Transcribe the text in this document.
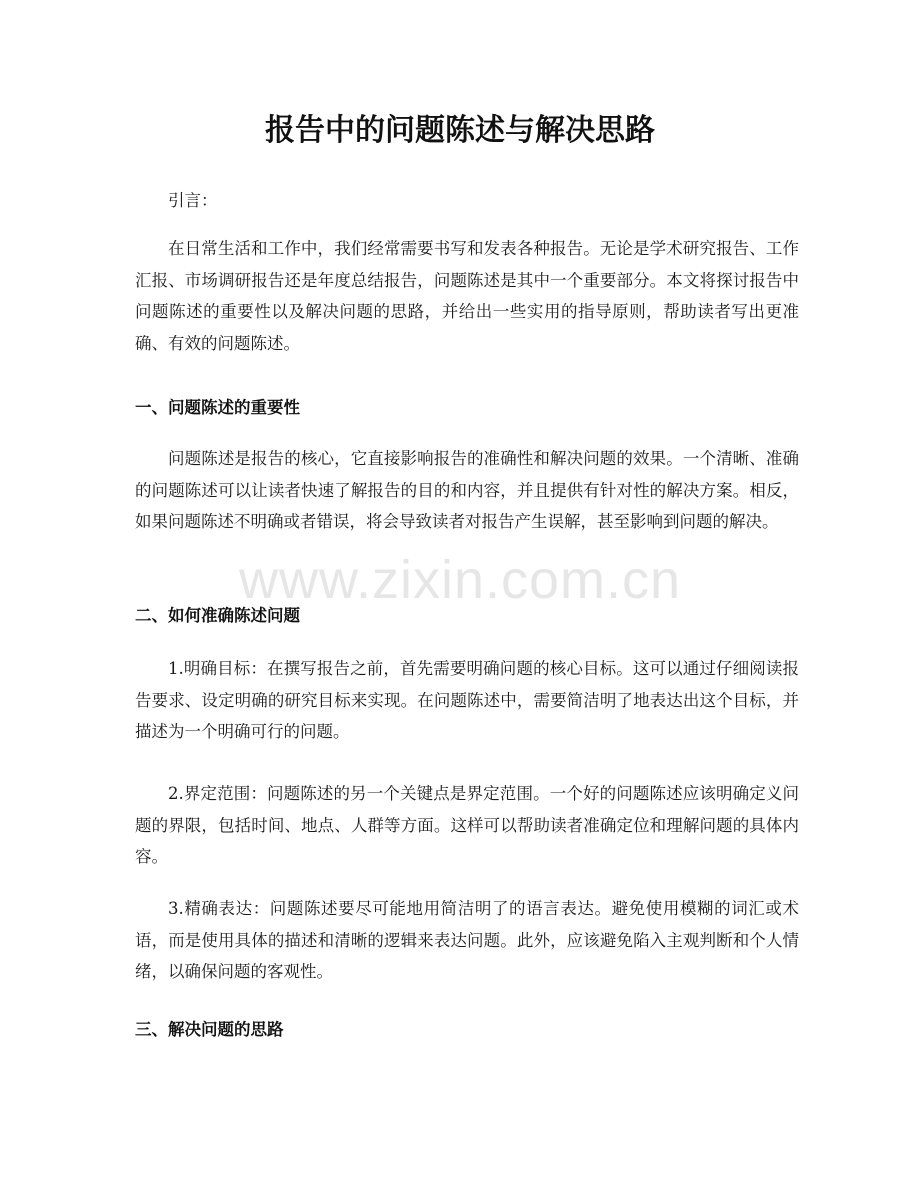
报告中的问题陈述与解决思路

引言：

在日常生活和工作中，我们经常需要书写和发表各种报告。无论是学术研究报告、工作汇报、市场调研报告还是年度总结报告，问题陈述是其中一个重要部分。本文将探讨报告中问题陈述的重要性以及解决问题的思路，并给出一些实用的指导原则，帮助读者写出更准确、有效的问题陈述。

一、问题陈述的重要性

问题陈述是报告的核心，它直接影响报告的准确性和解决问题的效果。一个清晰、准确的问题陈述可以让读者快速了解报告的目的和内容，并且提供有针对性的解决方案。相反，如果问题陈述不明确或者错误，将会导致读者对报告产生误解，甚至影响到问题的解决。

二、如何准确陈述问题

1.明确目标：在撰写报告之前，首先需要明确问题的核心目标。这可以通过仔细阅读报告要求、设定明确的研究目标来实现。在问题陈述中，需要简洁明了地表达出这个目标，并描述为一个明确可行的问题。

2.界定范围：问题陈述的另一个关键点是界定范围。一个好的问题陈述应该明确定义问题的界限，包括时间、地点、人群等方面。这样可以帮助读者准确定位和理解问题的具体内容。

3.精确表达：问题陈述要尽可能地用简洁明了的语言表达。避免使用模糊的词汇或术语，而是使用具体的描述和清晰的逻辑来表达问题。此外，应该避免陷入主观判断和个人情绪，以确保问题的客观性。

三、解决问题的思路
www.zixin.com.cn
